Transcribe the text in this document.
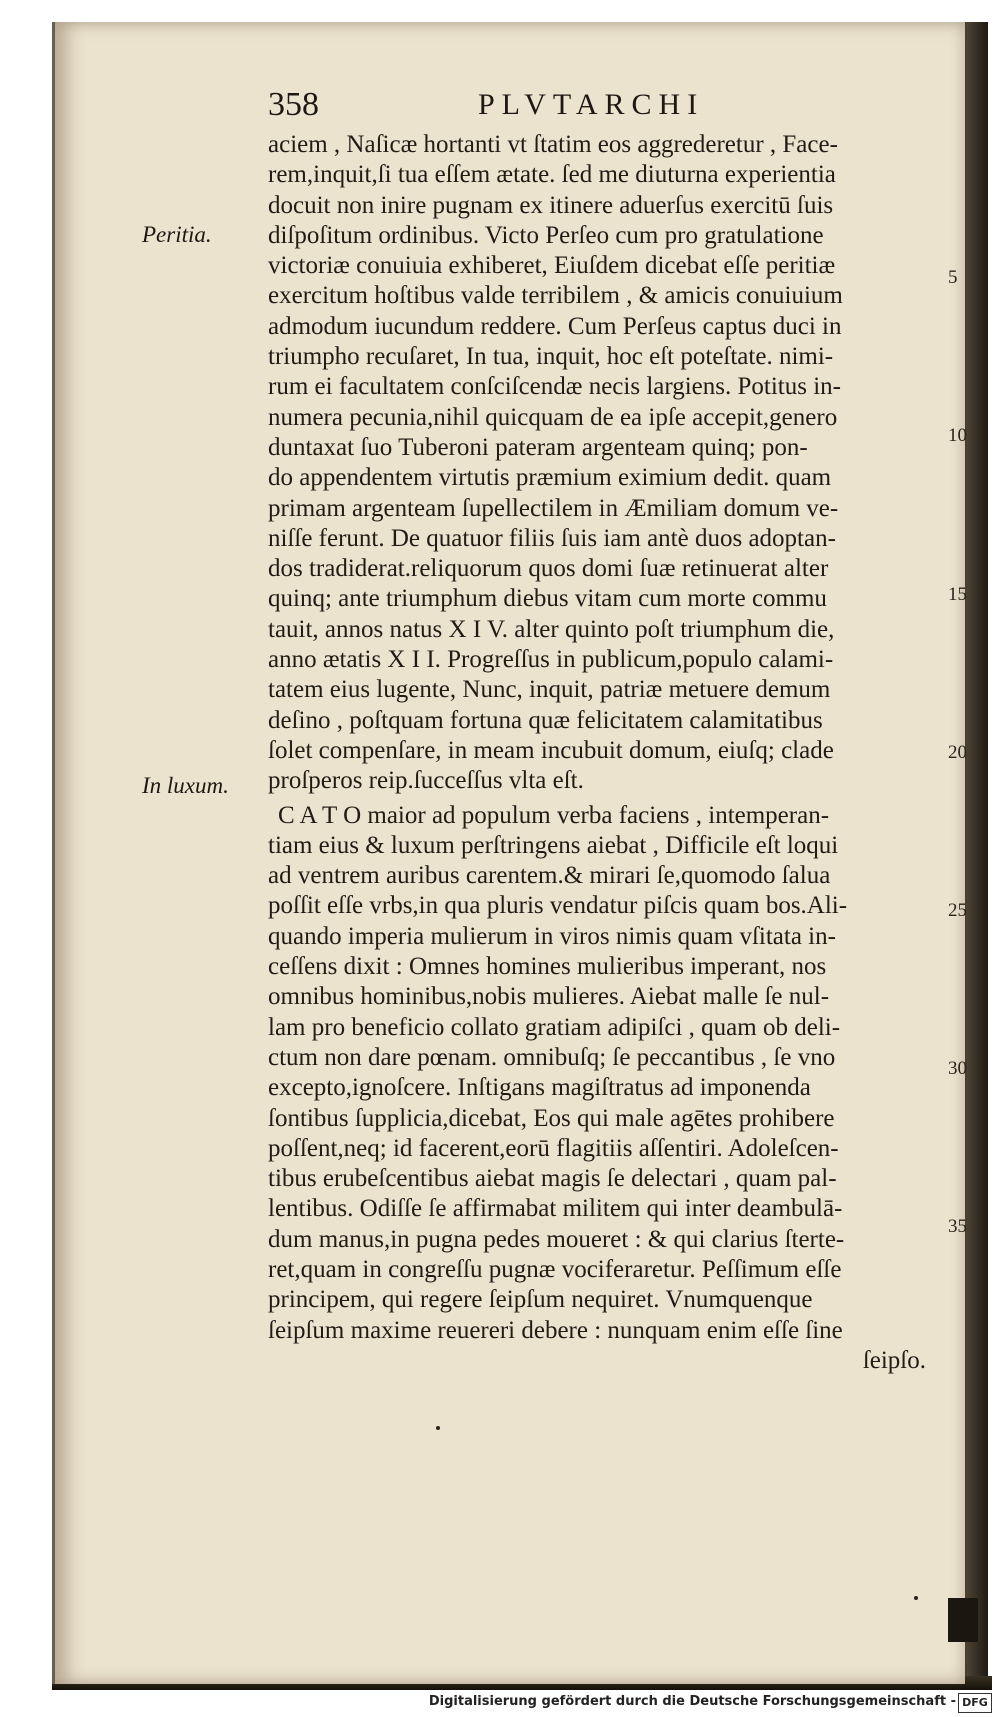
358	PLVTARCHI
Peritia.
In luxum.
5
10
15
20
25
30
35
aciem , Naſicæ hortanti vt ſtatim eos aggrederetur , Face-
rem,inquit,ſi tua eſſem ætate. ſed me diuturna experientia
docuit non inire pugnam ex itinere aduerſus exercitū ſuis
diſpoſitum ordinibus. Victo Perſeo cum pro gratulatione
victoriæ conuiuia exhiberet, Eiuſdem dicebat eſſe peritiæ
exercitum hoſtibus valde terribilem , & amicis conuiuium
admodum iucundum reddere. Cum Perſeus captus duci in
triumpho recuſaret, In tua, inquit, hoc eſt poteſtate. nimi-
rum ei facultatem conſciſcendæ necis largiens. Potitus in-
numera pecunia,nihil quicquam de ea ipſe accepit,genero
duntaxat ſuo Tuberoni pateram argenteam quinq; pon-
do appendentem virtutis præmium eximium dedit. quam
primam argenteam ſupellectilem in Æmiliam domum ve-
niſſe ferunt. De quatuor filiis ſuis iam antè duos adoptan-
dos tradiderat.reliquorum quos domi ſuæ retinuerat alter
quinq; ante triumphum diebus vitam cum morte commu
tauit, annos natus X I V. alter quinto poſt triumphum die,
anno ætatis X I I. Progreſſus in publicum,populo calami-
tatem eius lugente, Nunc, inquit, patriæ metuere demum
deſino , poſtquam fortuna quæ felicitatem calamitatibus
ſolet compenſare, in meam incubuit domum, eiuſq; clade
proſperos reip.ſucceſſus vlta eſt.
C A T O maior ad populum verba faciens , intemperan-
tiam eius & luxum perſtringens aiebat , Difficile eſt loqui
ad ventrem auribus carentem.& mirari ſe,quomodo ſalua
poſſit eſſe vrbs,in qua pluris vendatur piſcis quam bos.Ali-
quando imperia mulierum in viros nimis quam vſitata in-
ceſſens dixit : Omnes homines mulieribus imperant, nos
omnibus hominibus,nobis mulieres. Aiebat malle ſe nul-
lam pro beneficio collato gratiam adipiſci , quam ob deli-
ctum non dare pœnam. omnibuſq; ſe peccantibus , ſe vno
excepto,ignoſcere. Inſtigans magiſtratus ad imponenda
ſontibus ſupplicia,dicebat, Eos qui male agētes prohibere
poſſent,neq; id facerent,eorū flagitiis aſſentiri. Adoleſcen-
tibus erubeſcentibus aiebat magis ſe delectari , quam pal-
lentibus. Odiſſe ſe affirmabat militem qui inter deambulā-
dum manus,in pugna pedes moueret : & qui clarius ſterte-
ret,quam in congreſſu pugnæ vociferaretur. Peſſimum eſſe
principem, qui regere ſeipſum nequiret. Vnumquenque
ſeipſum maxime reuereri debere : nunquam enim eſſe ſine
ſeipſo.
Digitalisierung gefördert durch die Deutsche Forschungsgemeinschaft - DFG
